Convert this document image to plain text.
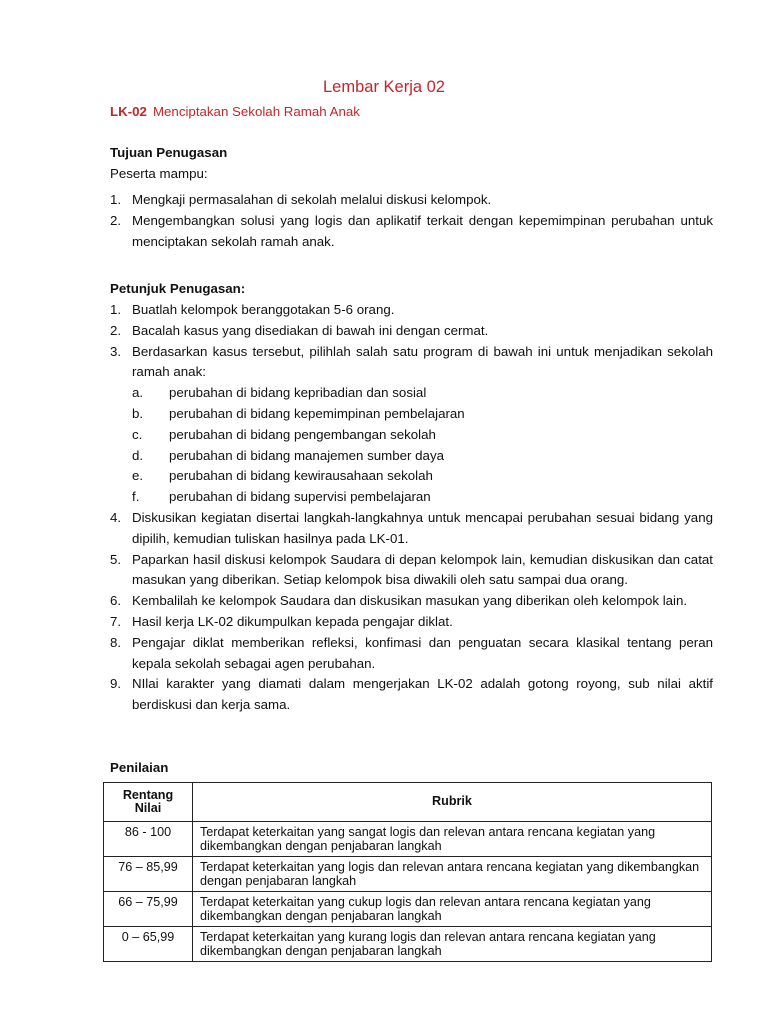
Lembar Kerja 02
LK-02 Menciptakan Sekolah Ramah Anak
Tujuan Penugasan
Peserta mampu:
1. Mengkaji permasalahan di sekolah melalui diskusi kelompok.
2. Mengembangkan solusi yang logis dan aplikatif terkait dengan kepemimpinan perubahan untuk menciptakan sekolah ramah anak.
Petunjuk Penugasan:
1. Buatlah kelompok beranggotakan 5-6 orang.
2. Bacalah kasus yang disediakan di bawah ini dengan cermat.
3. Berdasarkan kasus tersebut, pilihlah salah satu program di bawah ini untuk menjadikan sekolah ramah anak:
a. perubahan di bidang kepribadian dan sosial
b. perubahan di bidang kepemimpinan pembelajaran
c. perubahan di bidang pengembangan sekolah
d. perubahan di bidang manajemen sumber daya
e. perubahan di bidang kewirausahaan sekolah
f. perubahan di bidang supervisi pembelajaran
4. Diskusikan kegiatan disertai langkah-langkahnya untuk mencapai perubahan sesuai bidang yang dipilih, kemudian tuliskan hasilnya pada LK-01.
5. Paparkan hasil diskusi kelompok Saudara di depan kelompok lain, kemudian diskusikan dan catat masukan yang diberikan. Setiap kelompok bisa diwakili oleh satu sampai dua orang.
6. Kembalilah ke kelompok Saudara dan diskusikan masukan yang diberikan oleh kelompok lain.
7. Hasil kerja LK-02 dikumpulkan kepada pengajar diklat.
8. Pengajar diklat memberikan refleksi, konfimasi dan penguatan secara klasikal tentang peran kepala sekolah sebagai agen perubahan.
9. NIlai karakter yang diamati dalam mengerjakan LK-02 adalah gotong royong, sub nilai aktif berdiskusi dan kerja sama.
Penilaian
Rentang Nilai	Rubrik
86 - 100	Terdapat keterkaitan yang sangat logis dan relevan antara rencana kegiatan yang dikembangkan dengan penjabaran langkah
76 – 85,99	Terdapat keterkaitan yang logis dan relevan antara rencana kegiatan yang dikembangkan dengan penjabaran langkah
66 – 75,99	Terdapat keterkaitan yang cukup logis dan relevan antara rencana kegiatan yang dikembangkan dengan penjabaran langkah
0 – 65,99	Terdapat keterkaitan yang kurang logis dan relevan antara rencana kegiatan yang dikembangkan dengan penjabaran langkah
